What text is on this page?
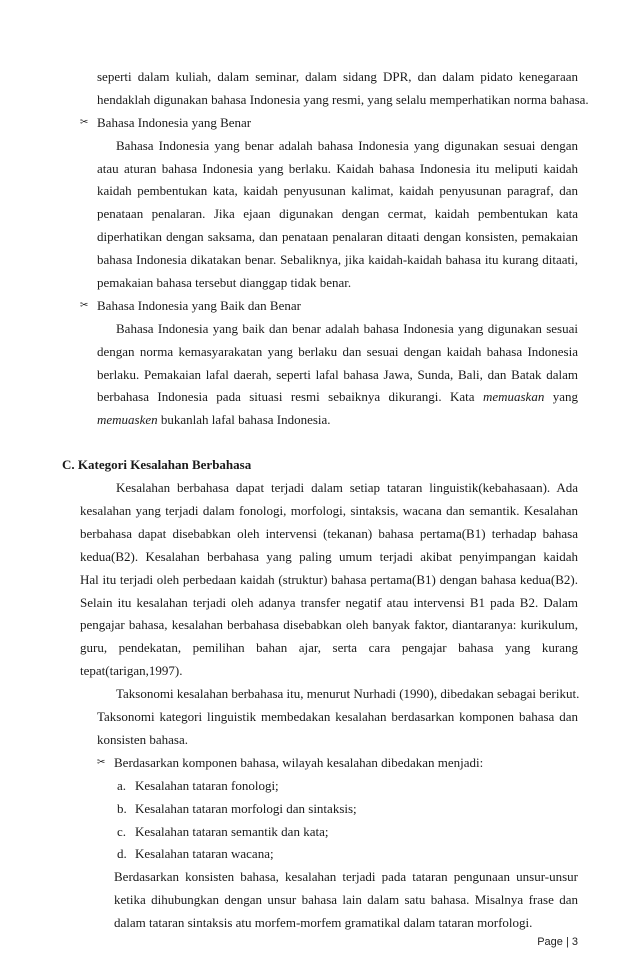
seperti dalam kuliah, dalam seminar, dalam sidang DPR, dan dalam pidato kenegaraan
hendaklah digunakan bahasa Indonesia yang resmi, yang selalu memperhatikan norma bahasa.
✂ Bahasa Indonesia yang Benar
Bahasa Indonesia yang benar adalah bahasa Indonesia yang digunakan sesuai dengan
atau aturan bahasa Indonesia yang berlaku. Kaidah bahasa Indonesia itu meliputi kaidah
kaidah pembentukan kata, kaidah penyusunan kalimat, kaidah penyusunan paragraf, dan
penataan penalaran. Jika ejaan digunakan dengan cermat, kaidah pembentukan kata
diperhatikan dengan saksama, dan penataan penalaran ditaati dengan konsisten, pemakaian
bahasa Indonesia dikatakan benar. Sebaliknya, jika kaidah-kaidah bahasa itu kurang ditaati,
pemakaian bahasa tersebut dianggap tidak benar.
✂ Bahasa Indonesia yang Baik dan Benar
Bahasa Indonesia yang baik dan benar adalah bahasa Indonesia yang digunakan sesuai
dengan norma kemasyarakatan yang berlaku dan sesuai dengan kaidah bahasa Indonesia
berlaku. Pemakaian lafal daerah, seperti lafal bahasa Jawa, Sunda, Bali, dan Batak dalam
berbahasa Indonesia pada situasi resmi sebaiknya dikurangi. Kata memuaskan yang
memuasken bukanlah lafal bahasa Indonesia.
C. Kategori Kesalahan Berbahasa
Kesalahan berbahasa dapat terjadi dalam setiap tataran linguistik(kebahasaan). Ada
kesalahan yang terjadi dalam fonologi, morfologi, sintaksis, wacana dan semantik. Kesalahan
berbahasa dapat disebabkan oleh intervensi (tekanan) bahasa pertama(B1) terhadap bahasa
kedua(B2). Kesalahan berbahasa yang paling umum terjadi akibat penyimpangan kaidah
Hal itu terjadi oleh perbedaan kaidah (struktur) bahasa pertama(B1) dengan bahasa kedua(B2).
Selain itu kesalahan terjadi oleh adanya transfer negatif atau intervensi B1 pada B2. Dalam
pengajar bahasa, kesalahan berbahasa disebabkan oleh banyak faktor, diantaranya: kurikulum,
guru, pendekatan, pemilihan bahan ajar, serta cara pengajar bahasa yang kurang
tepat(tarigan,1997).
Taksonomi kesalahan berbahasa itu, menurut Nurhadi (1990), dibedakan sebagai berikut.
Taksonomi kategori linguistik membedakan kesalahan berdasarkan komponen bahasa dan
konsisten bahasa.
✂ Berdasarkan komponen bahasa, wilayah kesalahan dibedakan menjadi:
a. Kesalahan tataran fonologi;
b. Kesalahan tataran morfologi dan sintaksis;
c. Kesalahan tataran semantik dan kata;
d. Kesalahan tataran wacana;
Berdasarkan konsisten bahasa, kesalahan terjadi pada tataran pengunaan unsur-unsur
ketika dihubungkan dengan unsur bahasa lain dalam satu bahasa. Misalnya frase dan
dalam tataran sintaksis atu morfem-morfem gramatikal dalam tataran morfologi.
Page | 3
